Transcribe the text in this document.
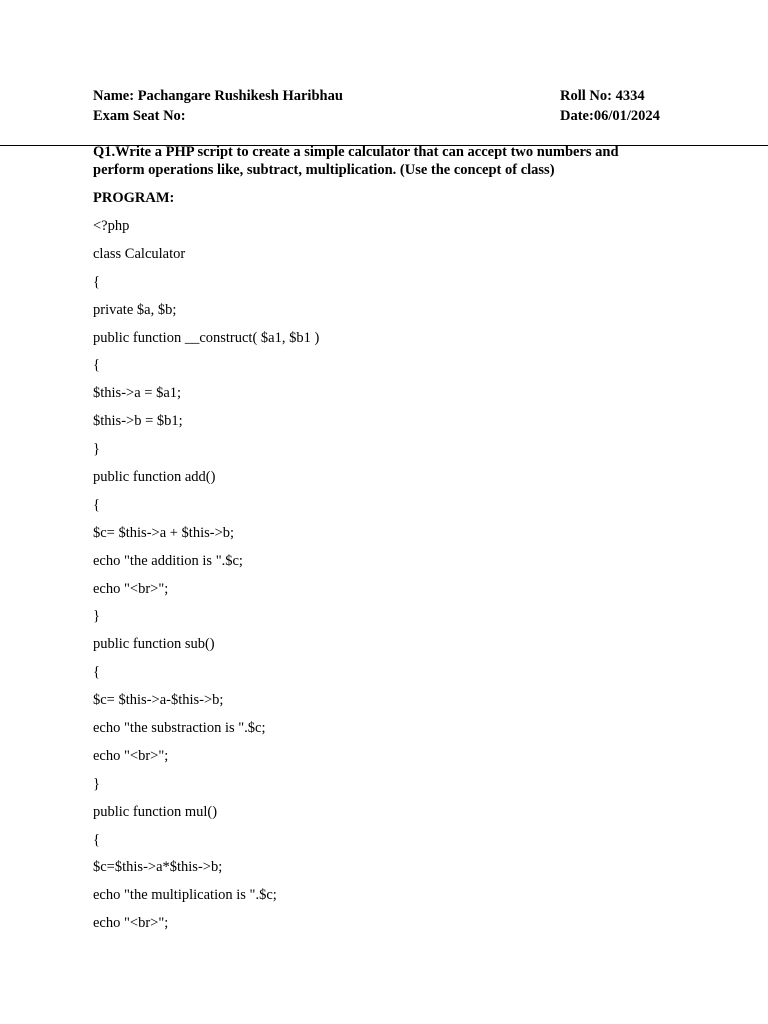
Name: Pachangare Rushikesh Haribhau	Roll No: 4334
Exam Seat No:	Date:06/01/2024
Q1.Write a PHP script to create a simple calculator that can accept two numbers and perform operations like, subtract, multiplication. (Use the concept of class)
PROGRAM:
<?php
class Calculator
{
private $a, $b;
public function __construct( $a1, $b1 )
{
$this->a = $a1;
$this->b = $b1;
}
public function add()
{
$c= $this->a + $this->b;
echo "the addition is ".$c;
echo "<br>";
}
public function sub()
{
$c= $this->a-$this->b;
echo "the substraction is ".$c;
echo "<br>";
}
public function mul()
{
$c=$this->a*$this->b;
echo "the multiplication is ".$c;
echo "<br>";
